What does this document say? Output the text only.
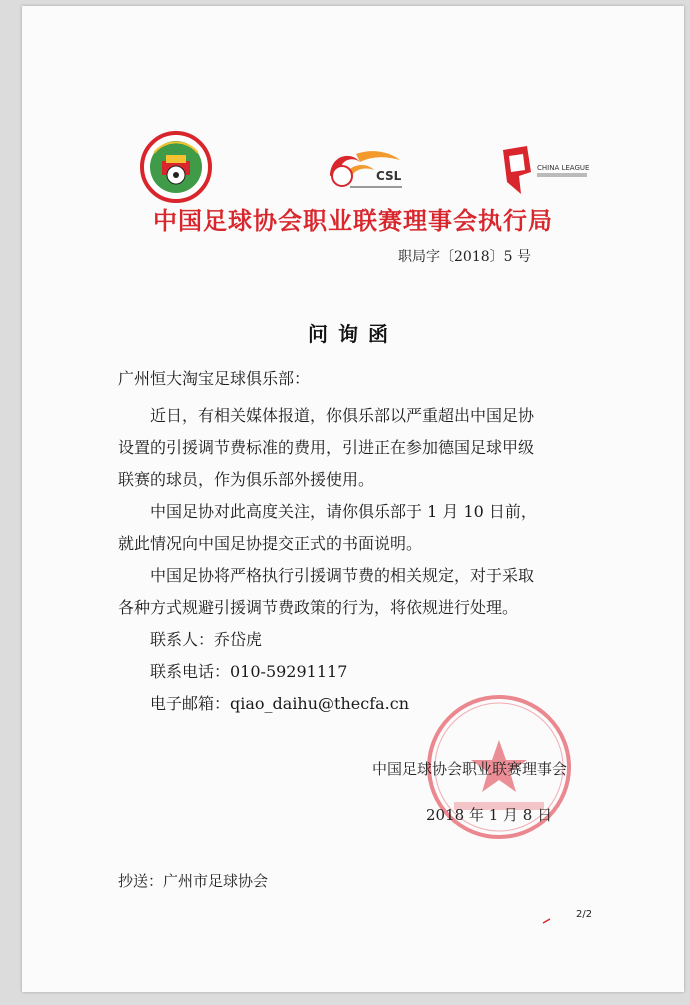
CSL
CHINA LEAGUE
中国足球协会职业联赛理事会执行局
职局字〔2018〕5 号
问询函
广州恒大淘宝足球俱乐部：
　　近日，有相关媒体报道，你俱乐部以严重超出中国足协
设置的引援调节费标准的费用，引进正在参加德国足球甲级
联赛的球员，作为俱乐部外援使用。
　　中国足协对此高度关注，请你俱乐部于 1 月 10 日前，
就此情况向中国足协提交正式的书面说明。
　　中国足协将严格执行引援调节费的相关规定，对于采取
各种方式规避引援调节费政策的行为，将依规进行处理。
　　联系人：乔岱虎
　　联系电话：010-59291117
　　电子邮箱：qiao_daihu@thecfa.cn
中国足球协会职业联赛理事会
2018 年 1 月 8 日
抄送：广州市足球协会
2/2
